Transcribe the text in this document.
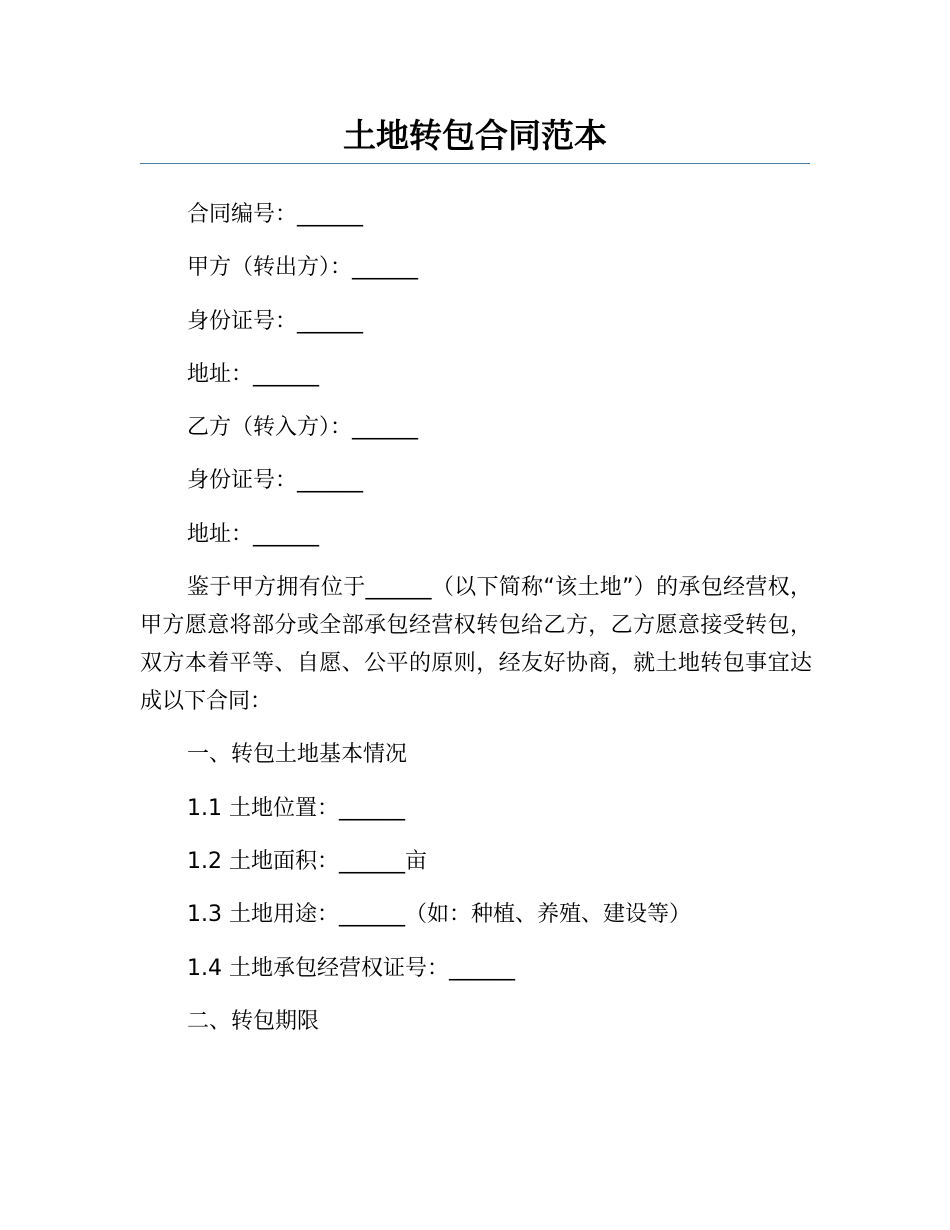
土地转包合同范本
合同编号：______
甲方（转出方）：______
身份证号：______
地址：______
乙方（转入方）：______
身份证号：______
地址：______
鉴于甲方拥有位于______（以下简称“该土地”）的承包经营权，甲方愿意将部分或全部承包经营权转包给乙方，乙方愿意接受转包，双方本着平等、自愿、公平的原则，经友好协商，就土地转包事宜达成以下合同：
一、转包土地基本情况
1.1 土地位置：______
1.2 土地面积：______亩
1.3 土地用途：______（如：种植、养殖、建设等）
1.4 土地承包经营权证号：______
二、转包期限
